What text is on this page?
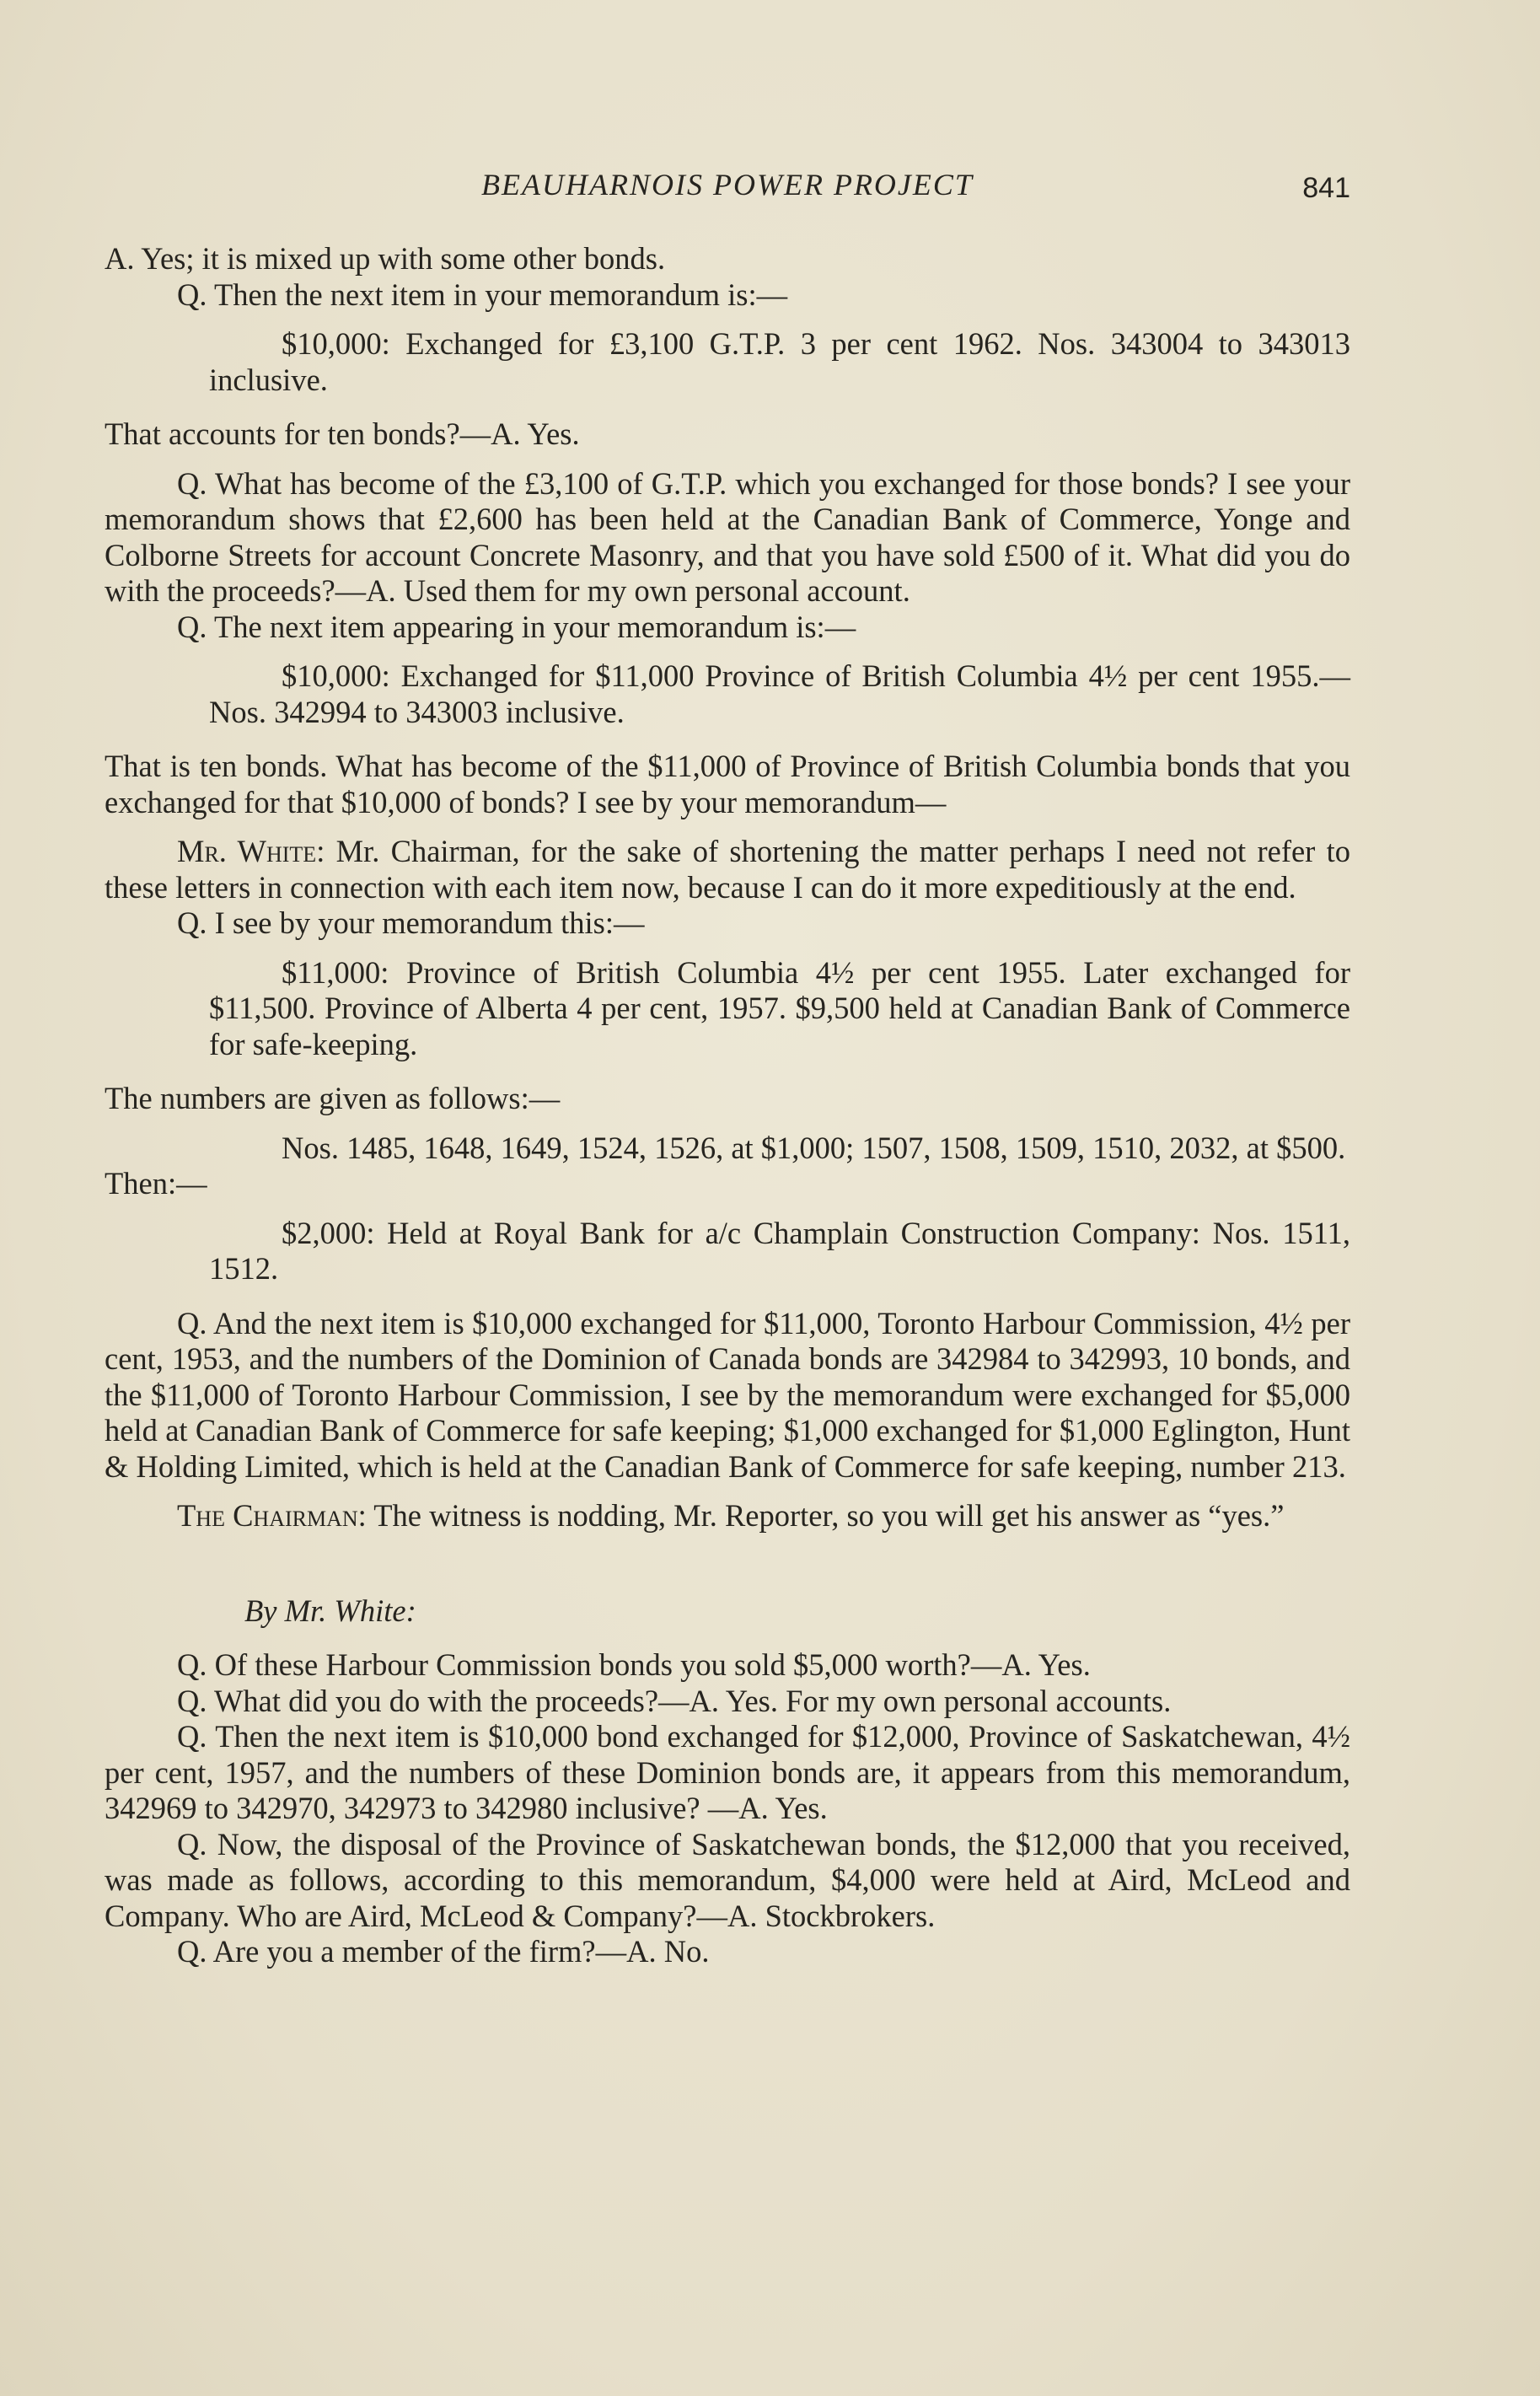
BEAUHARNOIS POWER PROJECT	841

A. Yes; it is mixed up with some other bonds.

Q. Then the next item in your memorandum is:—

$10,000: Exchanged for £3,100 G.T.P. 3 per cent 1962. Nos. 343004 to 343013 inclusive.

That accounts for ten bonds?—A. Yes.

Q. What has become of the £3,100 of G.T.P. which you exchanged for those bonds? I see your memorandum shows that £2,600 has been held at the Canadian Bank of Commerce, Yonge and Colborne Streets for account Concrete Masonry, and that you have sold £500 of it. What did you do with the proceeds?—A. Used them for my own personal account.

Q. The next item appearing in your memorandum is:—

$10,000: Exchanged for $11,000 Province of British Columbia 4½ per cent 1955.—Nos. 342994 to 343003 inclusive.

That is ten bonds. What has become of the $11,000 of Province of British Columbia bonds that you exchanged for that $10,000 of bonds? I see by your memorandum—

Mr. White: Mr. Chairman, for the sake of shortening the matter perhaps I need not refer to these letters in connection with each item now, because I can do it more expeditiously at the end.

Q. I see by your memorandum this:—

$11,000: Province of British Columbia 4½ per cent 1955. Later exchanged for $11,500. Province of Alberta 4 per cent, 1957. $9,500 held at Canadian Bank of Commerce for safe-keeping.

The numbers are given as follows:—

Nos. 1485, 1648, 1649, 1524, 1526, at $1,000; 1507, 1508, 1509, 1510, 2032, at $500.

Then:—

$2,000: Held at Royal Bank for a/c Champlain Construction Company: Nos. 1511, 1512.

Q. And the next item is $10,000 exchanged for $11,000, Toronto Harbour Commission, 4½ per cent, 1953, and the numbers of the Dominion of Canada bonds are 342984 to 342993, 10 bonds, and the $11,000 of Toronto Harbour Commission, I see by the memorandum were exchanged for $5,000 held at Canadian Bank of Commerce for safe keeping; $1,000 exchanged for $1,000 Eglington, Hunt & Holding Limited, which is held at the Canadian Bank of Commerce for safe keeping, number 213.

The Chairman: The witness is nodding, Mr. Reporter, so you will get his answer as “yes.”

By Mr. White:

Q. Of these Harbour Commission bonds you sold $5,000 worth?—A. Yes.

Q. What did you do with the proceeds?—A. Yes. For my own personal accounts.

Q. Then the next item is $10,000 bond exchanged for $12,000, Province of Saskatchewan, 4½ per cent, 1957, and the numbers of these Dominion bonds are, it appears from this memorandum, 342969 to 342970, 342973 to 342980 inclusive? —A. Yes.

Q. Now, the disposal of the Province of Saskatchewan bonds, the $12,000 that you received, was made as follows, according to this memorandum, $4,000 were held at Aird, McLeod and Company. Who are Aird, McLeod & Company?—A. Stockbrokers.

Q. Are you a member of the firm?—A. No.
